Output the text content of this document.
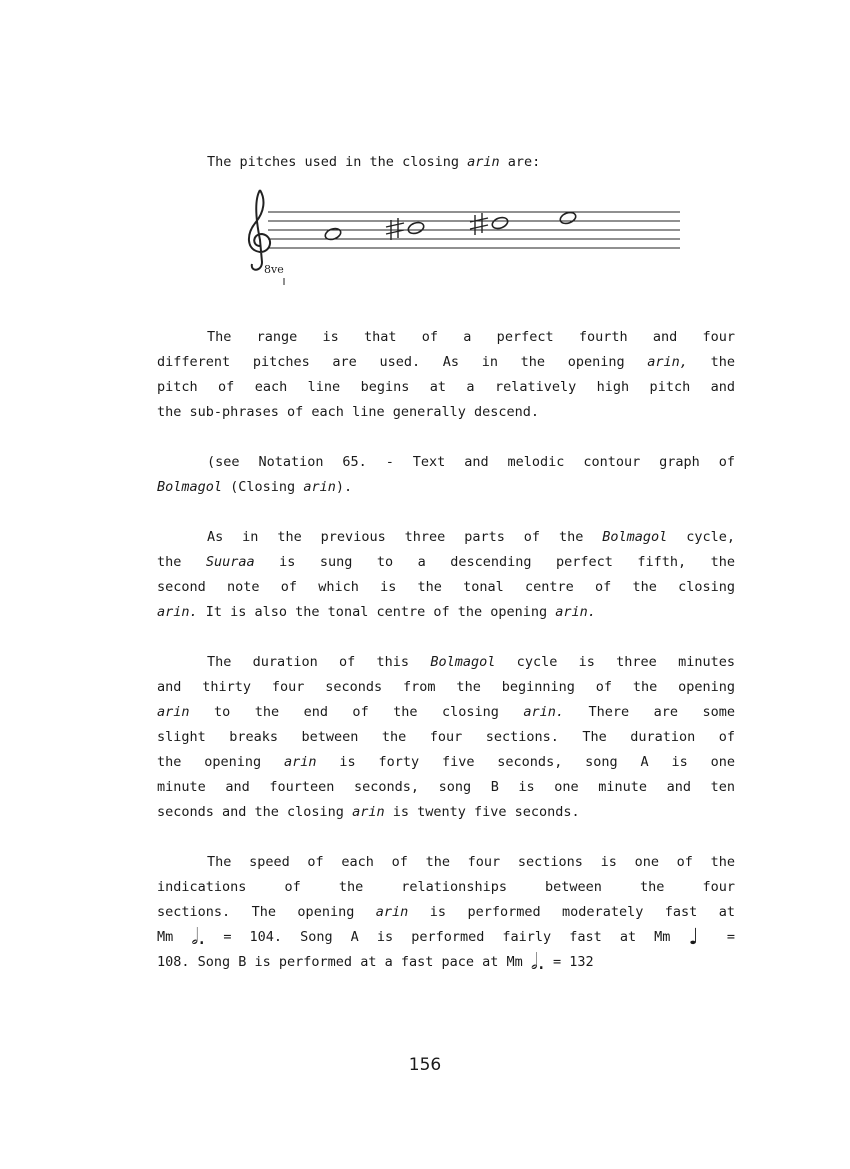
The pitches used in the closing arin are:
8ve
The range is that of a perfect fourth and four
different pitches are used. As in the opening arin, the
pitch of each line begins at a relatively high pitch and
the sub-phrases of each line generally descend.
(see Notation 65. - Text and melodic contour graph of
Bolmagol (Closing arin).
As in the previous three parts of the Bolmagol cycle,
the Suuraa is sung to a descending perfect fifth, the
second note of which is the tonal centre of the closing
arin. It is also the tonal centre of the opening arin.
The duration of this Bolmagol cycle is three minutes
and thirty four seconds from the beginning of the opening
arin to the end of the closing arin. There are some
slight breaks between the four sections. The duration of
the opening arin is forty five seconds, song A is one
minute and fourteen seconds, song B is one minute and ten
seconds and the closing arin is twenty five seconds.
The speed of each of the four sections is one of the
indications of the relationships between the four
sections. The opening arin is performed moderately fast at
Mm 𝅗𝅥. = 104. Song A is performed fairly fast at Mm ♩ =
108. Song B is performed at a fast pace at Mm 𝅗𝅥. = 132
156
